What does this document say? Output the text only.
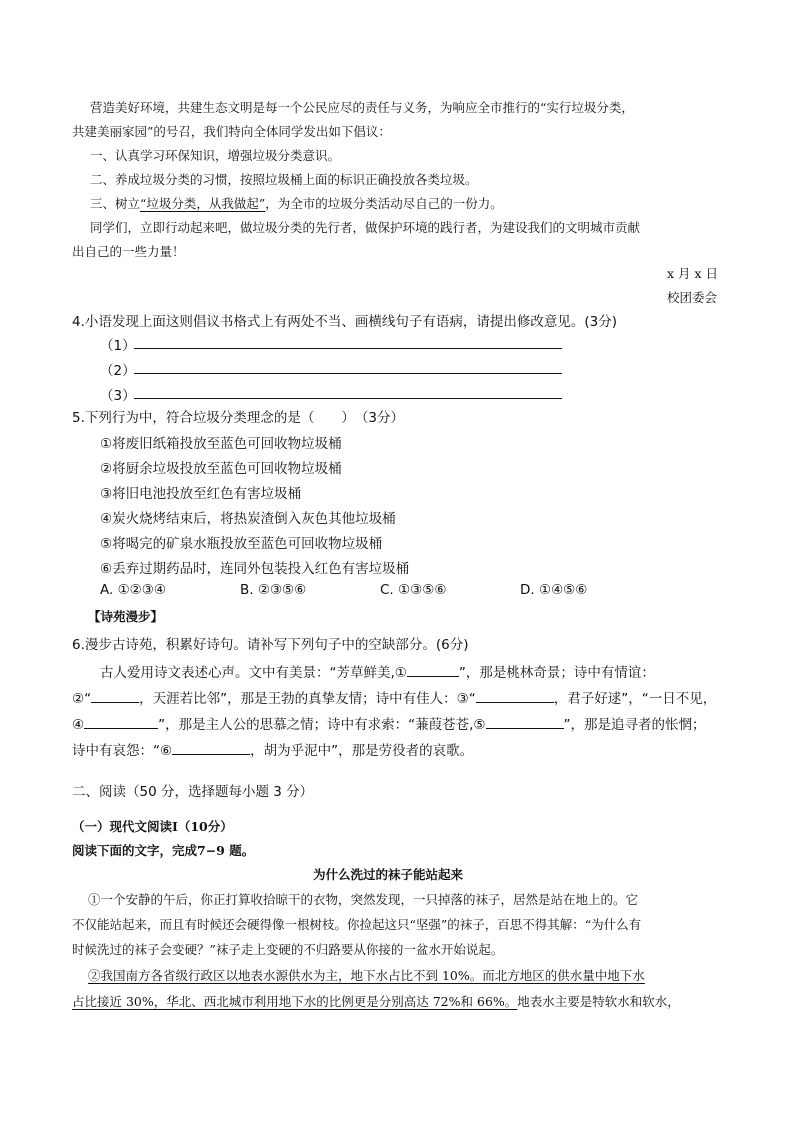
营造美好环境，共建生态文明是每一个公民应尽的责任与义务，为响应全市推行的“实行垃圾分类，
共建美丽家园”的号召，我们特向全体同学发出如下倡议：
一、认真学习环保知识，增强垃圾分类意识。
二、养成垃圾分类的习惯，按照垃圾桶上面的标识正确投放各类垃圾。
三、树立“垃圾分类，从我做起”，为全市的垃圾分类活动尽自己的一份力。
同学们，立即行动起来吧，做垃圾分类的先行者，做保护环境的践行者，为建设我们的文明城市贡献
出自己的一些力量！
x 月 x 日
校团委会
4.小语发现上面这则倡议书格式上有两处不当、画横线句子有语病，请提出修改意见。(3分)
（1）
（2）
（3）
5.下列行为中，符合垃圾分类理念的是（　　）　（3分）
①将废旧纸箱投放至蓝色可回收物垃圾桶
②将厨余垃圾投放至蓝色可回收物垃圾桶
③将旧电池投放至红色有害垃圾桶
④炭火烧烤结束后，将热炭渣倒入灰色其他垃圾桶
⑤将喝完的矿泉水瓶投放至蓝色可回收物垃圾桶
⑥丢弃过期药品时，连同外包装投入红色有害垃圾桶
A. ①②③④	B. ②③⑤⑥	C. ①③⑤⑥	D. ①④⑤⑥
【诗苑漫步】
6.漫步古诗苑，积累好诗句。请补写下列句子中的空缺部分。(6分)
古人爱用诗文表述心声。文中有美景：“芳草鲜美,①	”，那是桃林奇景；诗中有情谊：
②“	，天涯若比邻”，那是王勃的真挚友情；诗中有佳人：③“	，君子好逑”，“一日不见，
④	”，那是主人公的思慕之情；诗中有求索：“蒹葭苍苍,⑤	”，那是追寻者的怅惘；
诗中有哀怨：“⑥	，胡为乎泥中”，那是劳役者的哀歌。
二、阅读（50 分，选择题每小题 3 分）
（一）现代文阅读Ⅰ（10分）
阅读下面的文字，完成7−9 题。
为什么洗过的袜子能站起来
①一个安静的午后，你正打算收拾晾干的衣物，突然发现，一只掉落的袜子，居然是站在地上的。它
不仅能站起来，而且有时候还会硬得像一根树枝。你捡起这只“坚强”的袜子，百思不得其解：“为什么有
时候洗过的袜子会变硬？”袜子走上变硬的不归路要从你接的一盆水开始说起。
②我国南方各省级行政区以地表水源供水为主，地下水占比不到 10%。而北方地区的供水量中地下水
占比接近 30%，华北、西北城市利用地下水的比例更是分别高达 72%和 66%。地表水主要是特软水和软水，
